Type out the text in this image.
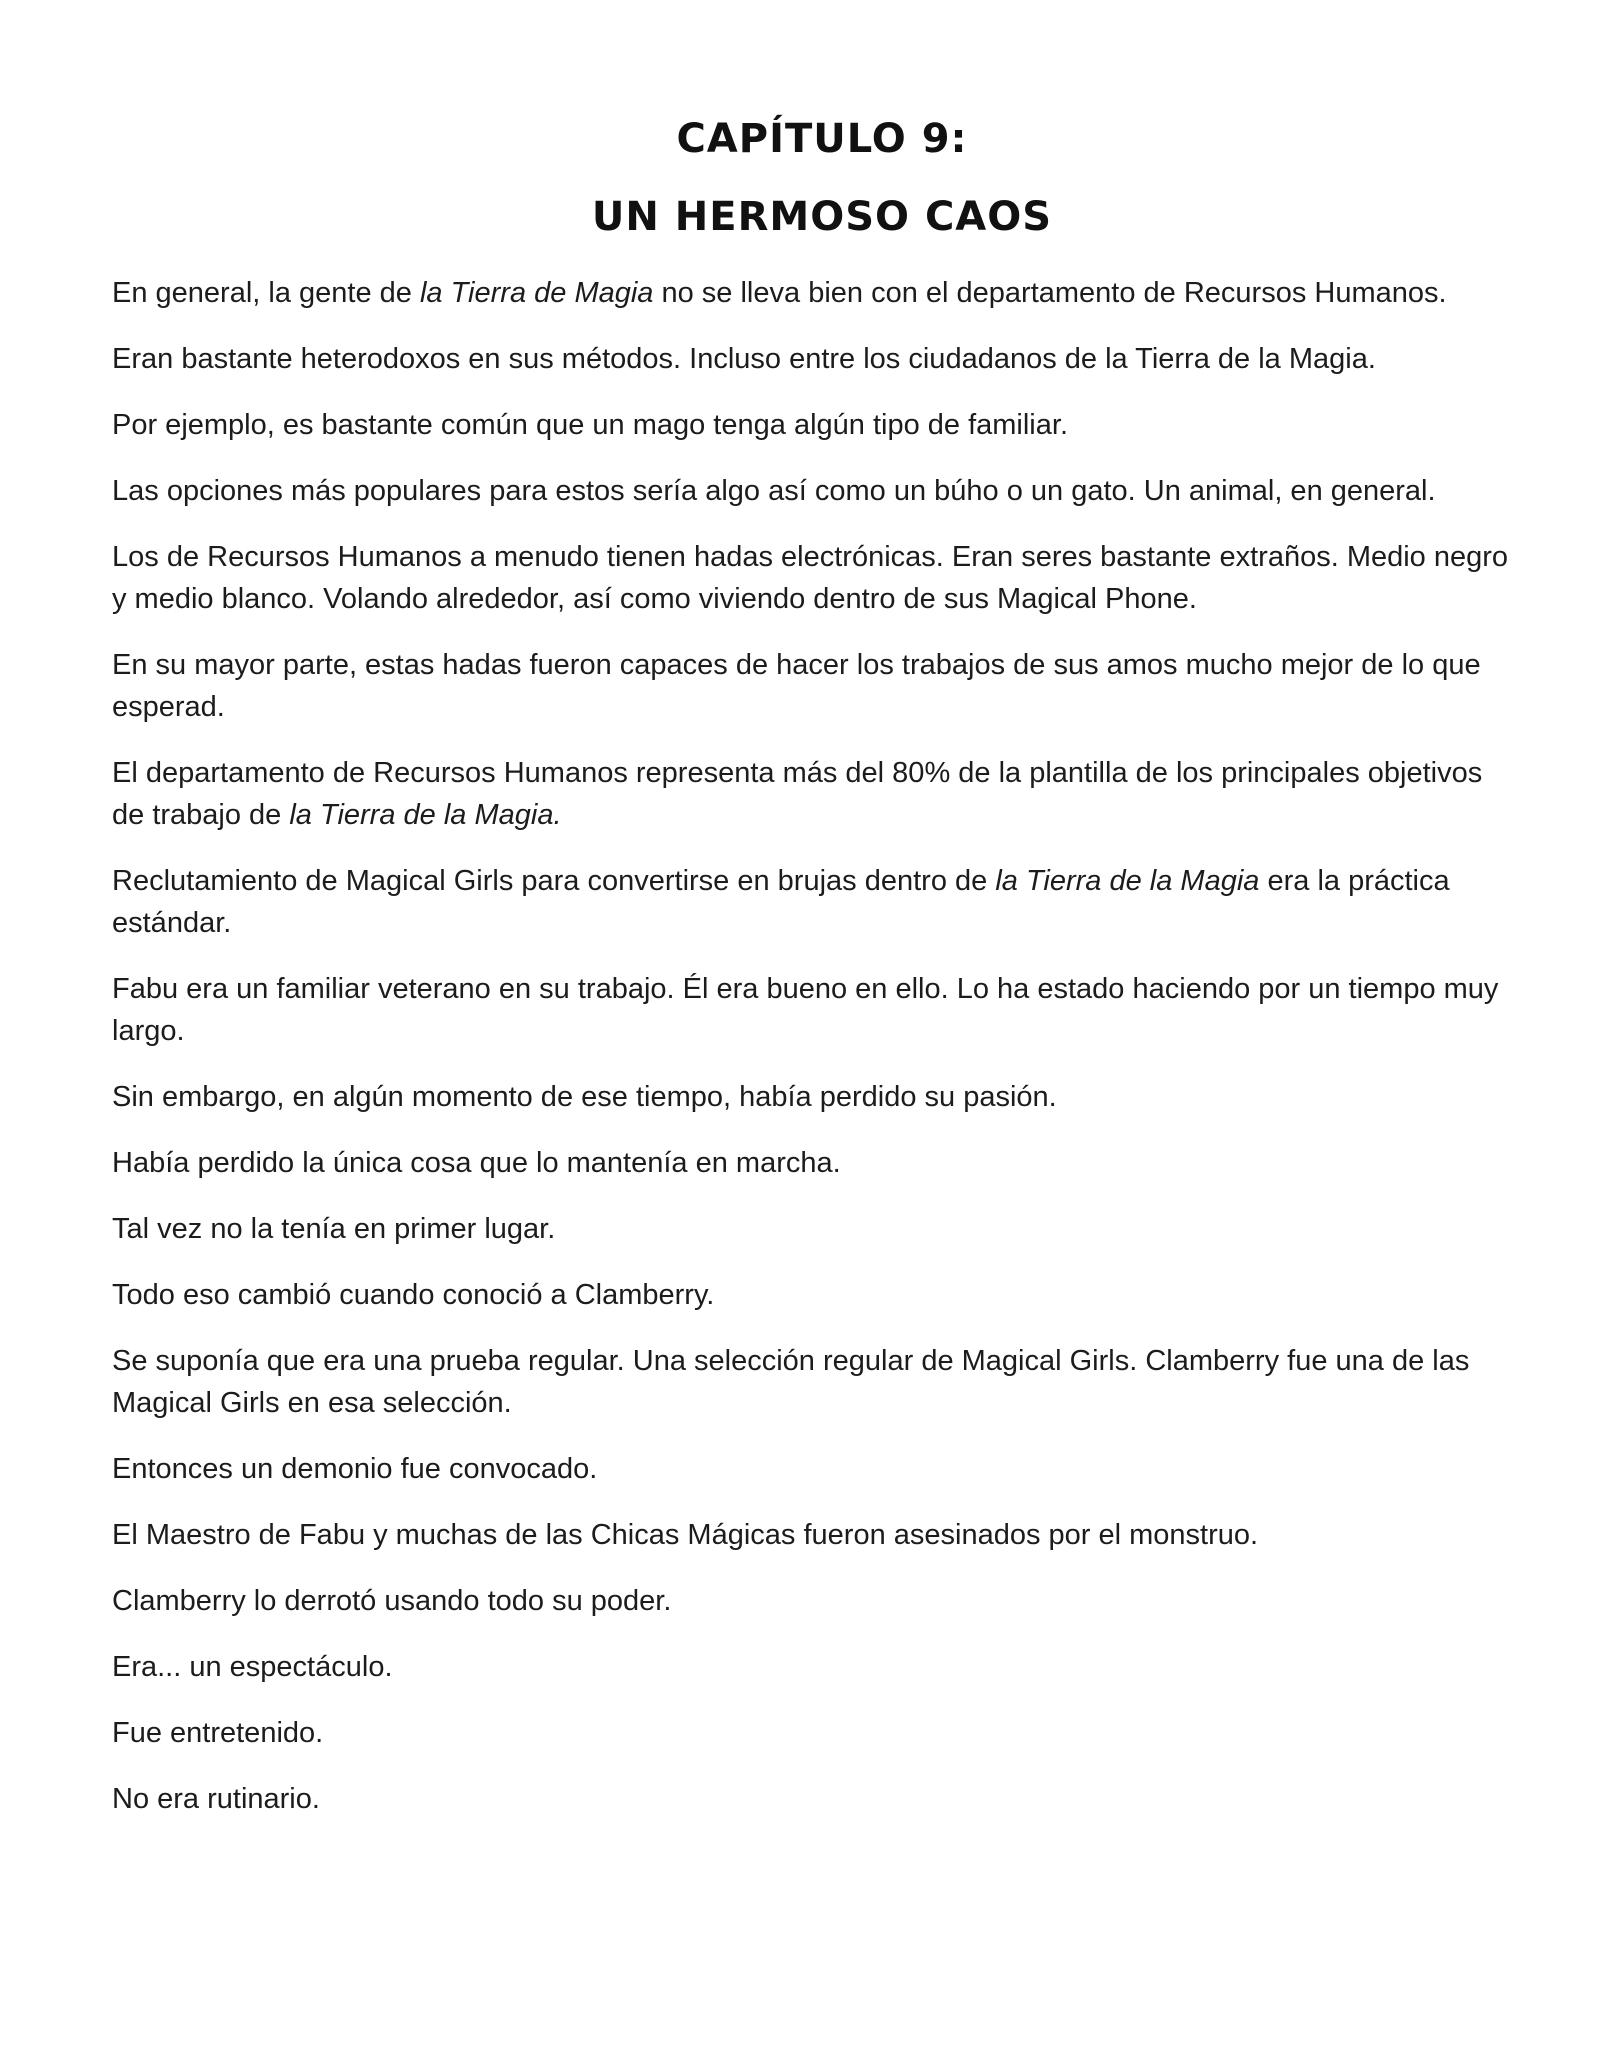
CAPÍTULO 9:
UN HERMOSO CAOS

En general, la gente de la Tierra de Magia no se lleva bien con el departamento de Recursos Humanos.

Eran bastante heterodoxos en sus métodos. Incluso entre los ciudadanos de la Tierra de la Magia.

Por ejemplo, es bastante común que un mago tenga algún tipo de familiar.

Las opciones más populares para estos sería algo así como un búho o un gato. Un animal, en general.

Los de Recursos Humanos a menudo tienen hadas electrónicas. Eran seres bastante extraños. Medio negro y medio blanco. Volando alrededor, así como viviendo dentro de sus Magical Phone.

En su mayor parte, estas hadas fueron capaces de hacer los trabajos de sus amos mucho mejor de lo que esperad.

El departamento de Recursos Humanos representa más del 80% de la plantilla de los principales objetivos de trabajo de la Tierra de la Magia.

Reclutamiento de Magical Girls para convertirse en brujas dentro de la Tierra de la Magia era la práctica estándar.

Fabu era un familiar veterano en su trabajo. Él era bueno en ello. Lo ha estado haciendo por un tiempo muy largo.

Sin embargo, en algún momento de ese tiempo, había perdido su pasión.

Había perdido la única cosa que lo mantenía en marcha.

Tal vez no la tenía en primer lugar.

Todo eso cambió cuando conoció a Clamberry.

Se suponía que era una prueba regular. Una selección regular de Magical Girls. Clamberry fue una de las Magical Girls en esa selección.

Entonces un demonio fue convocado.

El Maestro de Fabu y muchas de las Chicas Mágicas fueron asesinados por el monstruo.

Clamberry lo derrotó usando todo su poder.

Era... un espectáculo.

Fue entretenido.

No era rutinario.
